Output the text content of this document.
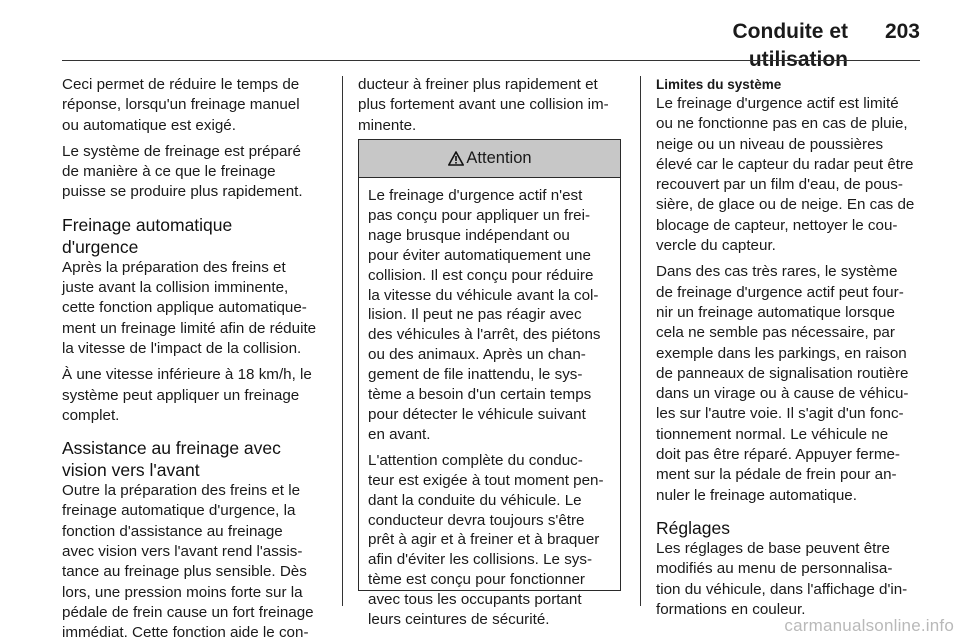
Conduite et utilisation
203

Ceci permet de réduire le temps de
réponse, lorsqu'un freinage manuel
ou automatique est exigé.

Le système de freinage est préparé
de manière à ce que le freinage
puisse se produire plus rapidement.

Freinage automatique
d'urgence

Après la préparation des freins et
juste avant la collision imminente,
cette fonction applique automatique-
ment un freinage limité afin de réduite
la vitesse de l'impact de la collision.

À une vitesse inférieure à 18 km/h, le
système peut appliquer un freinage
complet.

Assistance au freinage avec
vision vers l'avant

Outre la préparation des freins et le
freinage automatique d'urgence, la
fonction d'assistance au freinage
avec vision vers l'avant rend l'assis-
tance au freinage plus sensible. Dès
lors, une pression moins forte sur la
pédale de frein cause un fort freinage
immédiat. Cette fonction aide le con-

ducteur à freiner plus rapidement et
plus fortement avant une collision im-
minente.

Attention

Le freinage d'urgence actif n'est
pas conçu pour appliquer un frei-
nage brusque indépendant ou
pour éviter automatiquement une
collision. Il est conçu pour réduire
la vitesse du véhicule avant la col-
lision. Il peut ne pas réagir avec
des véhicules à l'arrêt, des piétons
ou des animaux. Après un chan-
gement de file inattendu, le sys-
tème a besoin d'un certain temps
pour détecter le véhicule suivant
en avant.

L'attention complète du conduc-
teur est exigée à tout moment pen-
dant la conduite du véhicule. Le
conducteur devra toujours s'être
prêt à agir et à freiner et à braquer
afin d'éviter les collisions. Le sys-
tème est conçu pour fonctionner
avec tous les occupants portant
leurs ceintures de sécurité.

Limites du système

Le freinage d'urgence actif est limité
ou ne fonctionne pas en cas de pluie,
neige ou un niveau de poussières
élevé car le capteur du radar peut être
recouvert par un film d'eau, de pous-
sière, de glace ou de neige. En cas de
blocage de capteur, nettoyer le cou-
vercle du capteur.

Dans des cas très rares, le système
de freinage d'urgence actif peut four-
nir un freinage automatique lorsque
cela ne semble pas nécessaire, par
exemple dans les parkings, en raison
de panneaux de signalisation routière
dans un virage ou à cause de véhicu-
les sur l'autre voie. Il s'agit d'un fonc-
tionnement normal. Le véhicule ne
doit pas être réparé. Appuyer ferme-
ment sur la pédale de frein pour an-
nuler le freinage automatique.

Réglages

Les réglages de base peuvent être
modifiés au menu de personnalisa-
tion du véhicule, dans l'affichage d'in-
formations en couleur.

carmanualsonline.info
